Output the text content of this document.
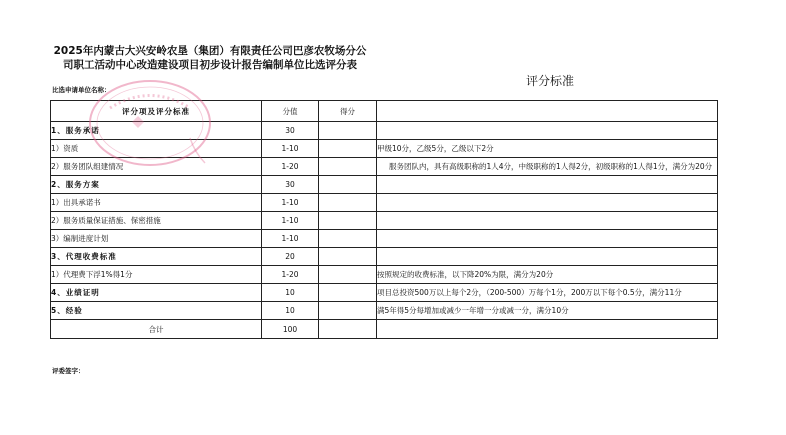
2025年内蒙古大兴安岭农垦（集团）有限责任公司巴彦农牧场分公
司职工活动中心改造建设项目初步设计报告编制单位比选评分表
评分标准
比选申请单位名称：
评分项及评分标准	分值	得分	
1、服务承诺	30		
1）资质	1-10		甲级10分，乙级5分，乙级以下2分
2）服务团队组建情况	1-20		服务团队内，具有高级职称的1人4分，中级职称的1人得2分，初级职称的1人得1分，满分为20分
2、服务方案	30		
1）出具承诺书	1-10		
2）服务质量保证措施、保密措施	1-10		
3）编制进度计划	1-10		
3、代理收费标准	20		
1）代理费下浮1%得1分	1-20		按照规定的收费标准，以下降20%为限，满分为20分
4、业绩证明	10		项目总投资500万以上每个2分，（200-500）万每个1分，200万以下每个0.5分，满分11分
5、经验	10		满5年得5分每增加或减少一年增一分或减一分，满分10分
合计	100		
评委签字：
